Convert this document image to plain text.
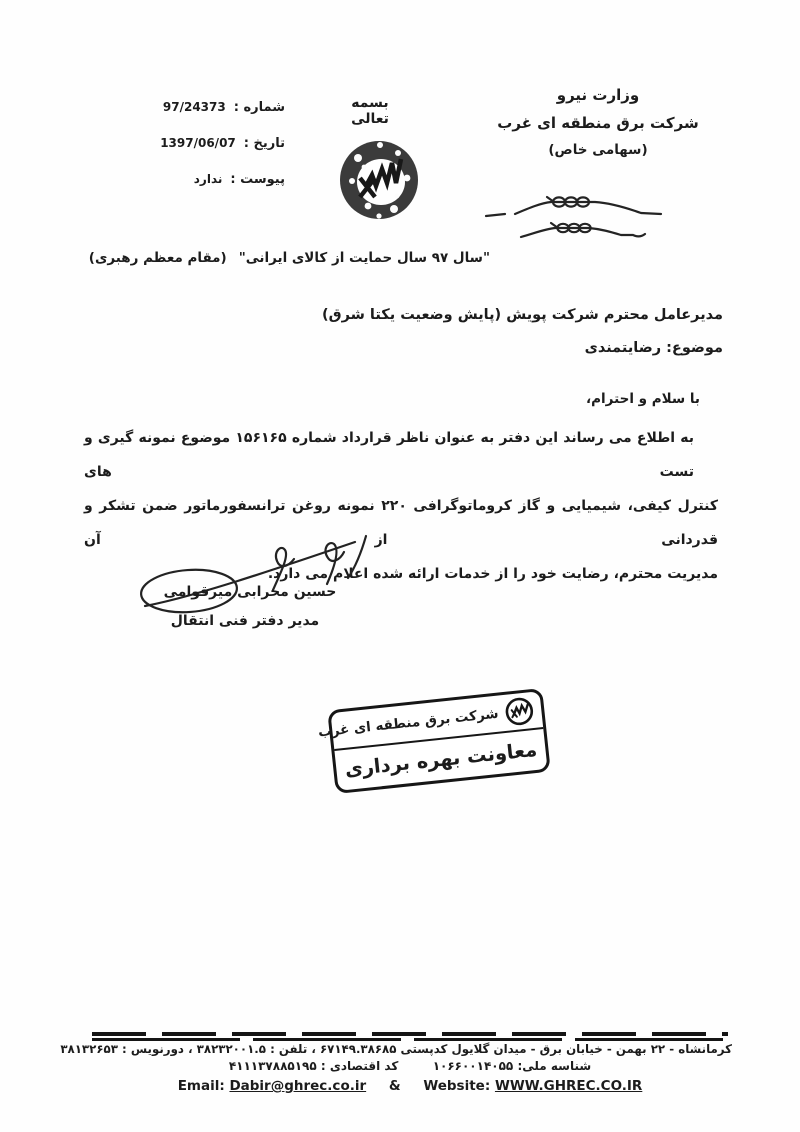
شماره :
97/24373
تاریخ :
1397/06/07
پیوست :
ندارد
بسمه تعالی
وزارت نیرو
شرکت برق منطقه ای غرب
(سهامی خاص)
"سال ۹۷ سال حمایت از کالای ایرانی"
(مقام معظم رهبری)
مدیرعامل محترم شرکت پویش (پایش وضعیت یکتا شرق)
موضوع: رضایتمندی
با سلام و احترام،
به اطلاع می رساند این دفتر به عنوان ناظر قرارداد شماره ۱۵۶۱۶۵ موضوع نمونه گیری و تست های
کنترل کیفی، شیمیایی و گاز کروماتوگرافی ۲۲۰ نمونه روغن ترانسفورماتور ضمن تشکر و قدردانی از آن
مدیریت محترم، رضایت خود را از خدمات ارائه شده اعلام می دارد.
حسین محرابی میرقوامی
مدیر دفتر فنی انتقال
شرکت برق منطقه ای غرب
معاونت بهره برداری
کرمانشاه - ۲۲ بهمن - خیابان برق - میدان گلایول کدپستی ۶۷۱۴۹.۳۸۶۸۵ ، تلفن : ۳۸۲۳۲۰۰۱.۵ ، دورنویس : ۳۸۱۳۲۶۵۳
شناسه ملی: ۱۰۶۶۰۰۱۴۰۵۵  کد اقتصادی : ۴۱۱۱۳۷۸۸۵۱۹۵
Email: Dabir@ghrec.co.ir & Website: WWW.GHREC.CO.IR
